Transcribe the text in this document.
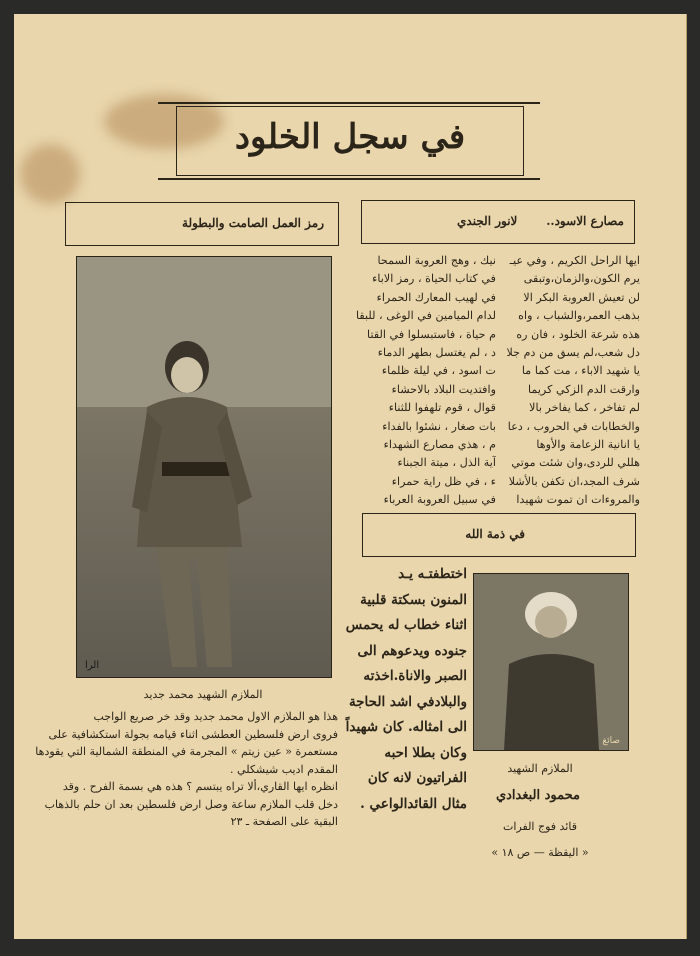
في سجل الخلود
رمز العمل الصامت والبطولة	مصارع الاسود..
لانور الجندي
ايها الراحل الكريم ، وفي عيـ
يرم الكون،والزمان،وتبقى
لن تعيش العروبة البكر الا
بذهب العمر،والشباب ، واه
هذه شرعة الخلود ، فان ره
دل شعب،لم يسق من دم جلا
يا شهيد الاباء ، مت كما ما
وارقت الدم الزكي كريما
لم تفاخر ، كما يفاخر بالا
والخطابات في الحروب ، دعا
يا انانية الزعامة والأوها
هللي للردى،وان شئت موتي
شرف المجد،ان تكفن بالأشلا
والمروءات ان تموت شهيدا
نيك ، وهج العروبة السمحا
في كتاب الحياة ، رمز الاباء
في لهيب المعارك الحمراء
لدام الميامين في الوغى ، للبقا
م حياة ، فاستبسلوا في القتا
د ، لم يغتسل بطهر الدماء
ت اسود ، في ليلة ظلماء
وافتديت البلاد بالاحشاء
قوال ، قوم تلهفوا للثناء
بات صغار ، نشئوا بالفداء
م ، هذي مصارع الشهداء
آية الذل ، ميتة الجبناء
ء ، في ظل راية حمراء
في سبيل العروبة العرباء
الرا
في ذمة الله
اختطفتـه يـد
المنون بسكتة قلبية
اثناء خطاب له يحمس
جنوده ويدعوهم الى
الصبر والاناة.اخذته
والبلادفي اشد الحاجة
الى امثاله. كان شهيداً
وكان بطلا احبه
الفراتيون لانه كان
مثال القائدالواعي .
صائغ
الملازم الشهيد
محمود البغدادي
قائد فوج الفرات
« اليقظة — ص ١٨ »
الملازم الشهيد محمد جديد
هذا هو الملازم الاول محمد جديد وقد خر صريع الواجب
فروى ارض فلسطين العطشى اثناء قيامه بجولة استكشافية على
مستعمرة « عين زيتم » المجرمة في المنطقة الشمالية التي يقودها
المقدم اديب شيشكلي .
انظره ايها القاري،ألا تراه يبتسم ؟ هذه هي بسمة الفرح . وقد
دخل قلب الملازم ساعة وصل ارض فلسطين بعد ان حلم بالذهاب
البقية على الصفحة ـ ٢٣
